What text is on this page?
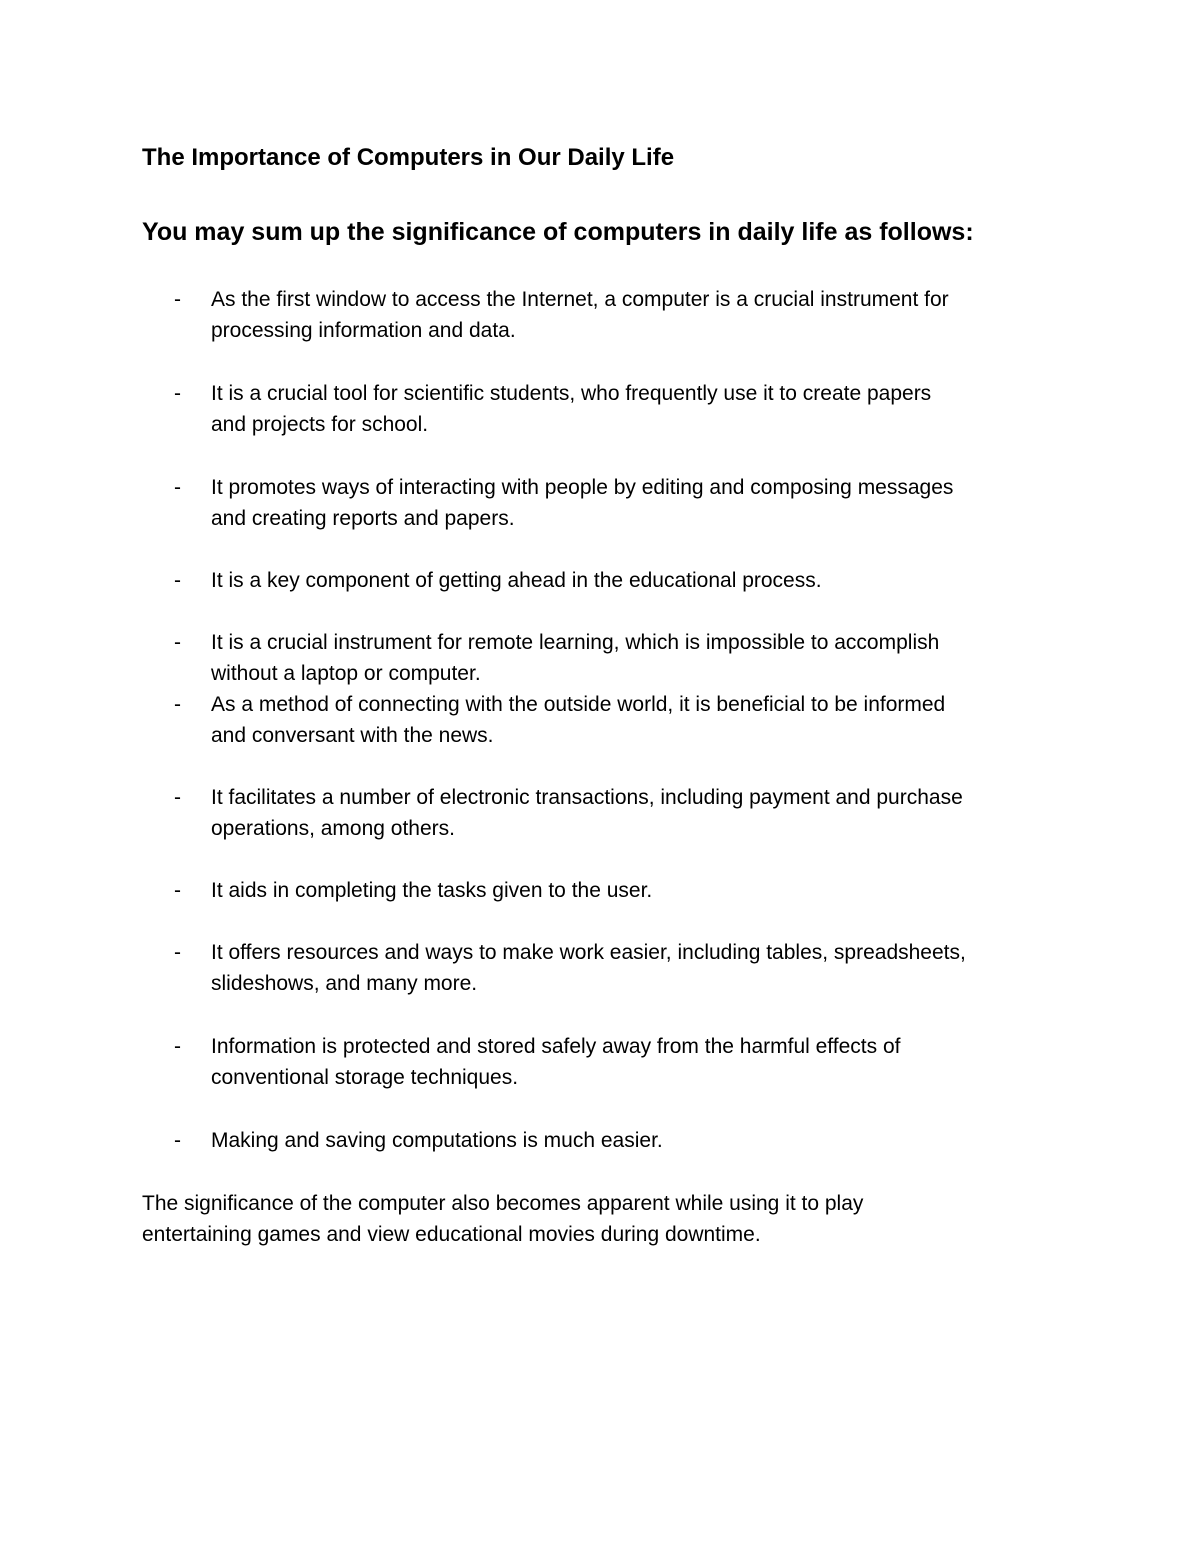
The Importance of Computers in Our Daily Life
You may sum up the significance of computers in daily life as follows:
- As the first window to access the Internet, a computer is a crucial instrument for
processing information and data.
- It is a crucial tool for scientific students, who frequently use it to create papers
and projects for school.
- It promotes ways of interacting with people by editing and composing messages
and creating reports and papers.
- It is a key component of getting ahead in the educational process.
- It is a crucial instrument for remote learning, which is impossible to accomplish
without a laptop or computer.
- As a method of connecting with the outside world, it is beneficial to be informed
and conversant with the news.
- It facilitates a number of electronic transactions, including payment and purchase
operations, among others.
- It aids in completing the tasks given to the user.
- It offers resources and ways to make work easier, including tables, spreadsheets,
slideshows, and many more.
- Information is protected and stored safely away from the harmful effects of
conventional storage techniques.
- Making and saving computations is much easier.

The significance of the computer also becomes apparent while using it to play
entertaining games and view educational movies during downtime.
